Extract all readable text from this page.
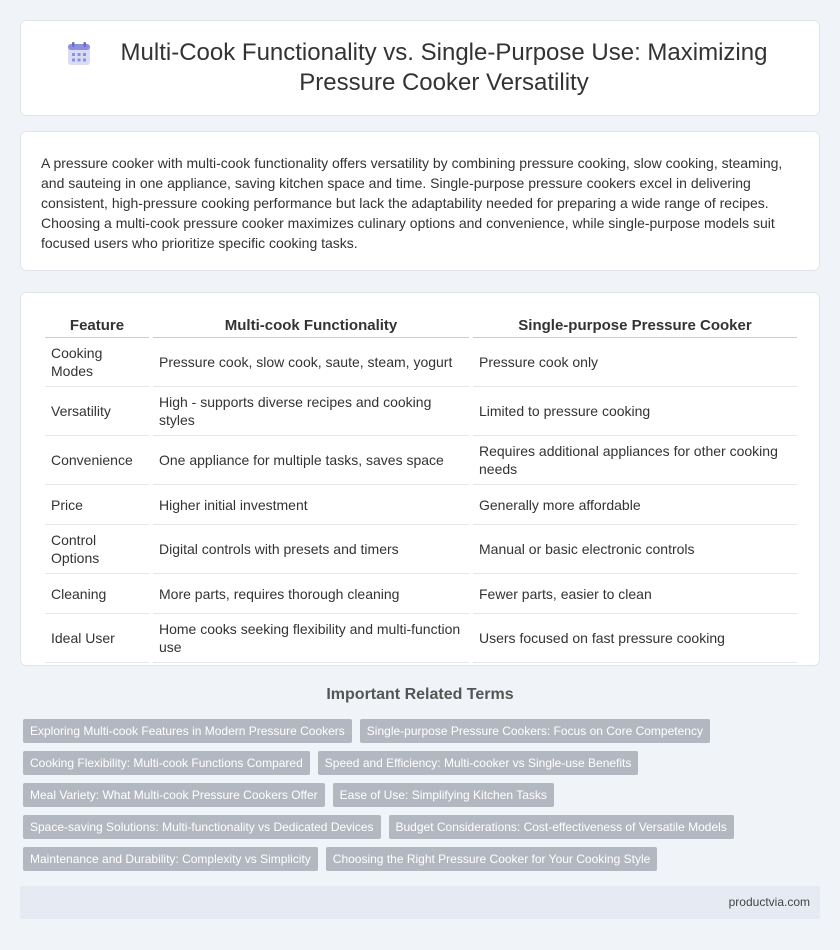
Multi-Cook Functionality vs. Single-Purpose Use: Maximizing Pressure Cooker Versatility

A pressure cooker with multi-cook functionality offers versatility by combining pressure cooking, slow cooking, steaming, and sauteing in one appliance, saving kitchen space and time. Single-purpose pressure cookers excel in delivering consistent, high-pressure cooking performance but lack the adaptability needed for preparing a wide range of recipes. Choosing a multi-cook pressure cooker maximizes culinary options and convenience, while single-purpose models suit focused users who prioritize specific cooking tasks.

Feature	Multi-cook Functionality	Single-purpose Pressure Cooker
Cooking Modes	Pressure cook, slow cook, saute, steam, yogurt	Pressure cook only
Versatility	High - supports diverse recipes and cooking styles	Limited to pressure cooking
Convenience	One appliance for multiple tasks, saves space	Requires additional appliances for other cooking needs
Price	Higher initial investment	Generally more affordable
Control Options	Digital controls with presets and timers	Manual or basic electronic controls
Cleaning	More parts, requires thorough cleaning	Fewer parts, easier to clean
Ideal User	Home cooks seeking flexibility and multi-function use	Users focused on fast pressure cooking
Important Related Terms
Exploring Multi-cook Features in Modern Pressure Cookers	Single-purpose Pressure Cookers: Focus on Core Competency
Cooking Flexibility: Multi-cook Functions Compared	Speed and Efficiency: Multi-cooker vs Single-use Benefits
Meal Variety: What Multi-cook Pressure Cookers Offer	Ease of Use: Simplifying Kitchen Tasks
Space-saving Solutions: Multi-functionality vs Dedicated Devices	Budget Considerations: Cost-effectiveness of Versatile Models
Maintenance and Durability: Complexity vs Simplicity	Choosing the Right Pressure Cooker for Your Cooking Style
productvia.com
